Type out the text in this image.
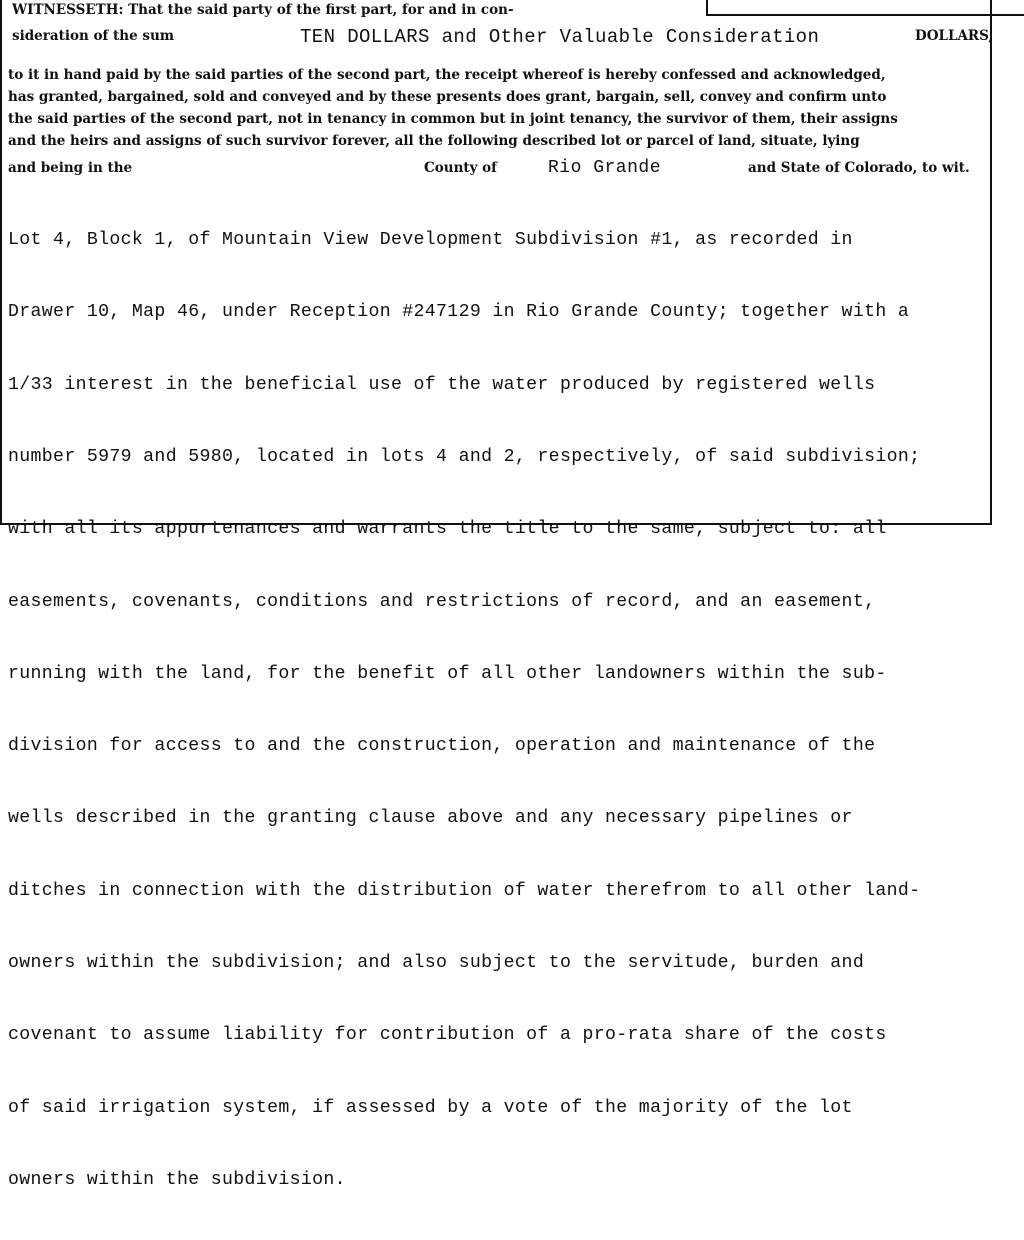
WITNESSETH: That the said party of the first part, for and in con-
sideration of the sum	TEN DOLLARS and Other Valuable Consideration	DOLLARS,
to it in hand paid by the said parties of the second part, the receipt whereof is hereby confessed and acknowledged,
has granted, bargained, sold and conveyed and by these presents does grant, bargain, sell, convey and confirm unto
the said parties of the second part, not in tenancy in common but in joint tenancy, the survivor of them, their assigns
and the heirs and assigns of such survivor forever, all the following described lot or parcel of land, situate, lying
and being in the	County of	Rio Grande	and State of Colorado, to wit.

Lot 4, Block 1, of Mountain View Development Subdivision #1, as recorded in

Drawer 10, Map 46, under Reception #247129 in Rio Grande County; together with a

1/33 interest in the beneficial use of the water produced by registered wells

number 5979 and 5980, located in lots 4 and 2, respectively, of said subdivision;

with all its appurtenances and warrants the title to the same, subject to: all

easements, covenants, conditions and restrictions of record, and an easement,

running with the land, for the benefit of all other landowners within the sub-

division for access to and the construction, operation and maintenance of the

wells described in the granting clause above and any necessary pipelines or

ditches in connection with the distribution of water therefrom to all other land-

owners within the subdivision; and also subject to the servitude, burden and

covenant to assume liability for contribution of a pro-rata share of the costs

of said irrigation system, if assessed by a vote of the majority of the lot

owners within the subdivision.
